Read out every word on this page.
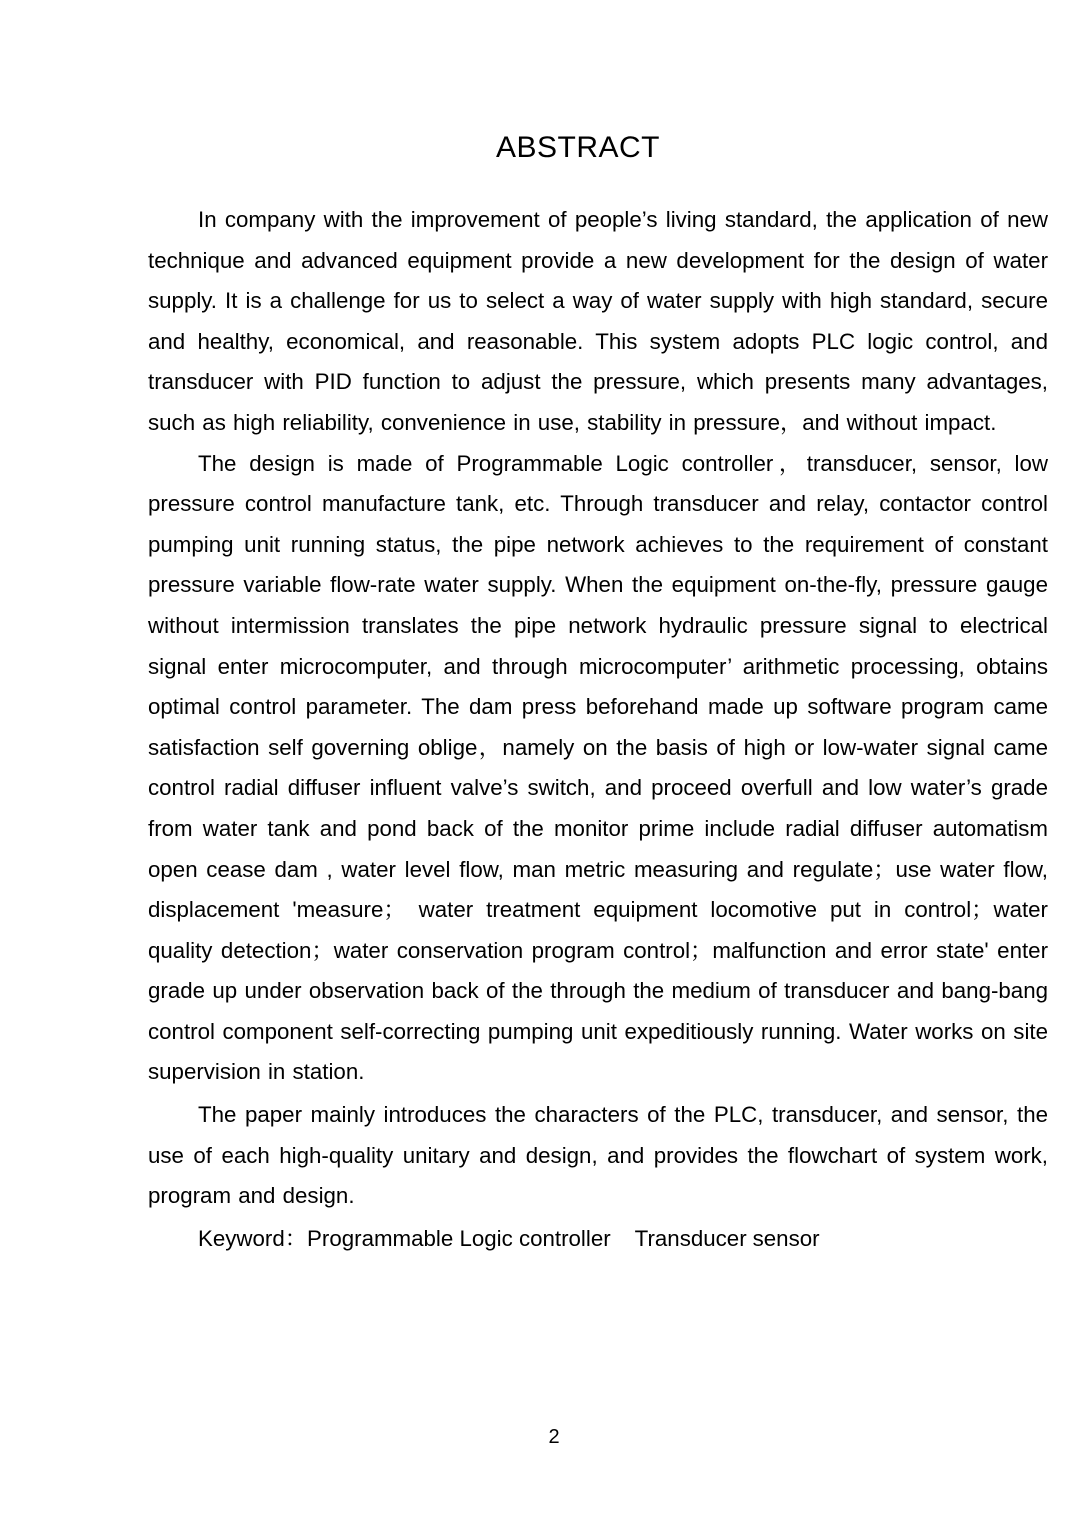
ABSTRACT

In company with the improvement of people’s living standard, the application of new technique and advanced equipment provide a new development for the design of water supply. It is a challenge for us to select a way of water supply with high standard, secure and healthy, economical, and reasonable. This system adopts PLC logic control, and transducer with PID function to adjust the pressure, which presents many advantages, such as high reliability, convenience in use, stability in pressure，and without impact.

The design is made of Programmable Logic controller，transducer, sensor, low pressure control manufacture tank, etc. Through transducer and relay, contactor control pumping unit running status, the pipe network achieves to the requirement of constant pressure variable flow-rate water supply. When the equipment on-the-fly, pressure gauge without intermission translates the pipe network hydraulic pressure signal to electrical signal enter microcomputer, and through microcomputer’ arithmetic processing, obtains optimal control parameter. The dam press beforehand made up software program came satisfaction self governing oblige，namely on the basis of high or low-water signal came control radial diffuser influent valve’s switch, and proceed overfull and low water’s grade from water tank and pond back of the monitor prime include radial diffuser automatism open cease dam , water level flow, man metric measuring and regulate；use water flow, displacement 'measure； water treatment equipment locomotive put in control；water quality detection；water conservation program control；malfunction and error state' enter grade up under observation back of the through the medium of transducer and bang-bang control component self-correcting pumping unit expeditiously running. Water works on site supervision in station.

The paper mainly introduces the characters of the PLC, transducer, and sensor, the use of each high-quality unitary and design, and provides the flowchart of system work, program and design.

Keyword：Programmable Logic controller Transducer sensor

2
